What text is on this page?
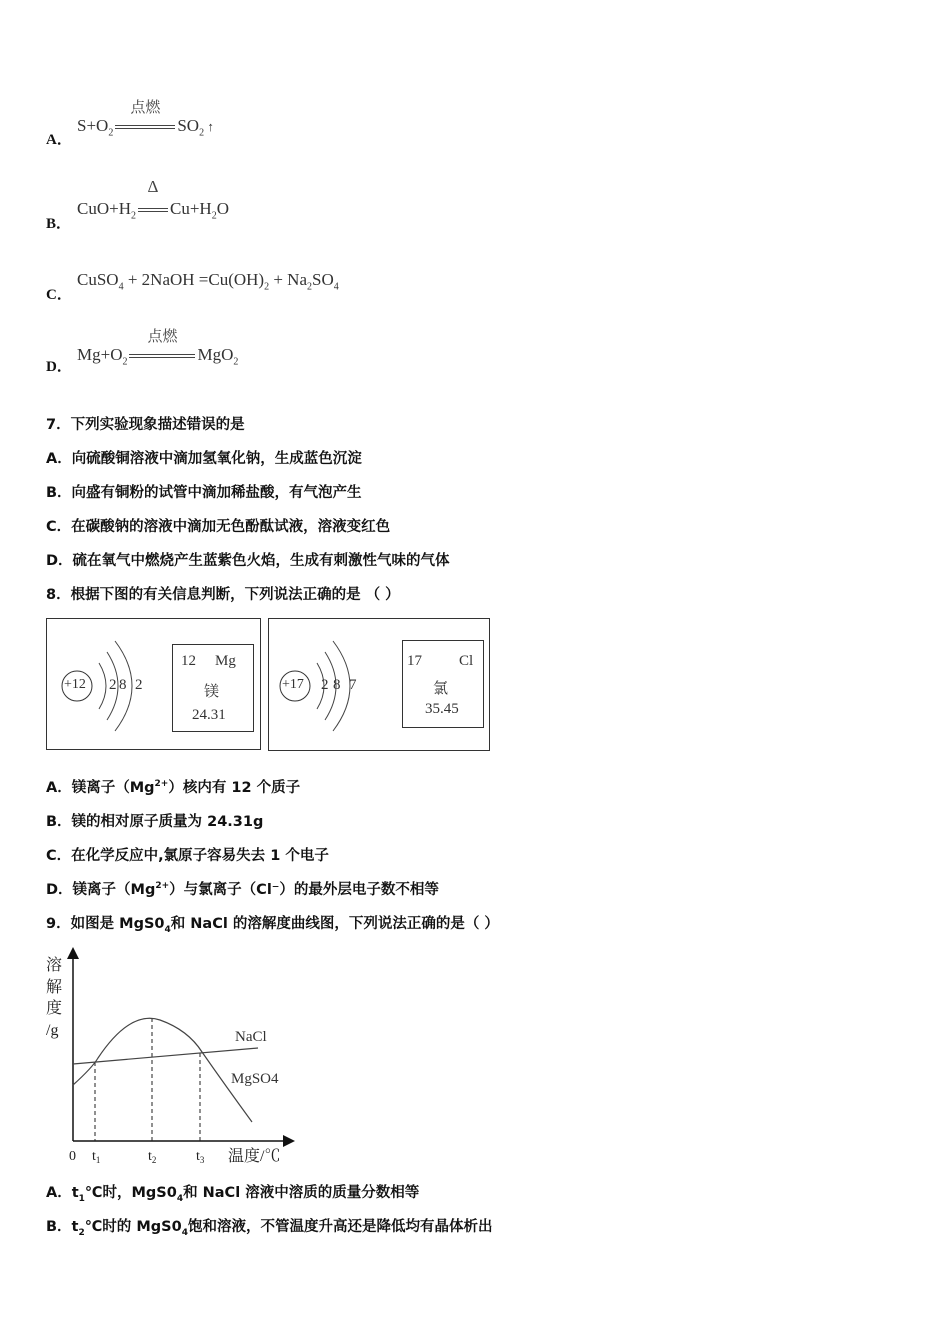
A．
$S+O_2$
点燃
$SO_2$ ↑
B．
$CuO+H_2$
Δ
$Cu+H_2O$
C．
CuSO$_4$ + 2NaOH $=Cu(OH)_2 + Na_2SO_4$
D．
$Mg+O_2$
点燃
MgO$_2$
7．下列实验现象描述错误的是
A．向硫酸铜溶液中滴加氢氧化钠，生成蓝色沉淀
B．向盛有铜粉的试管中滴加稀盐酸，有气泡产生
C．在碳酸钠的溶液中滴加无色酚酞试液，溶液变红色
D．硫在氧气中燃烧产生蓝紫色火焰，生成有刺激性气味的气体
8．根据下图的有关信息判断，下列说法正确的是 （ ）
+12 2 8 2
12 Mg
镁
24.31
+17 2 8 7
17 Cl
氯
35.45
A．镁离子$(Mg^{2+})$核内有 12 个质子
B．镁的相对原子质量为 24.31g
C．在化学反应中,氯原子容易失去 1 个电子
D．镁离子$(Mg^{2+})$与氯离子（Cl⁻）的最外层电子数不相等
9．如图是 $MgS0_4$和 NaCl 的溶解度曲线图，下列说法正确的是（ ）
溶
解
度
/g	NaCl
MgSO4
0 $t_1$	$t_2$	$t_3$ 温度/℃
A．$t_1℃$时，$MgS0_4$和 NaCl 溶液中溶质的质量分数相等
B．$t_2℃$时的 $MgS0_4$饱和溶液，不管温度升高还是降低均有晶体析出
